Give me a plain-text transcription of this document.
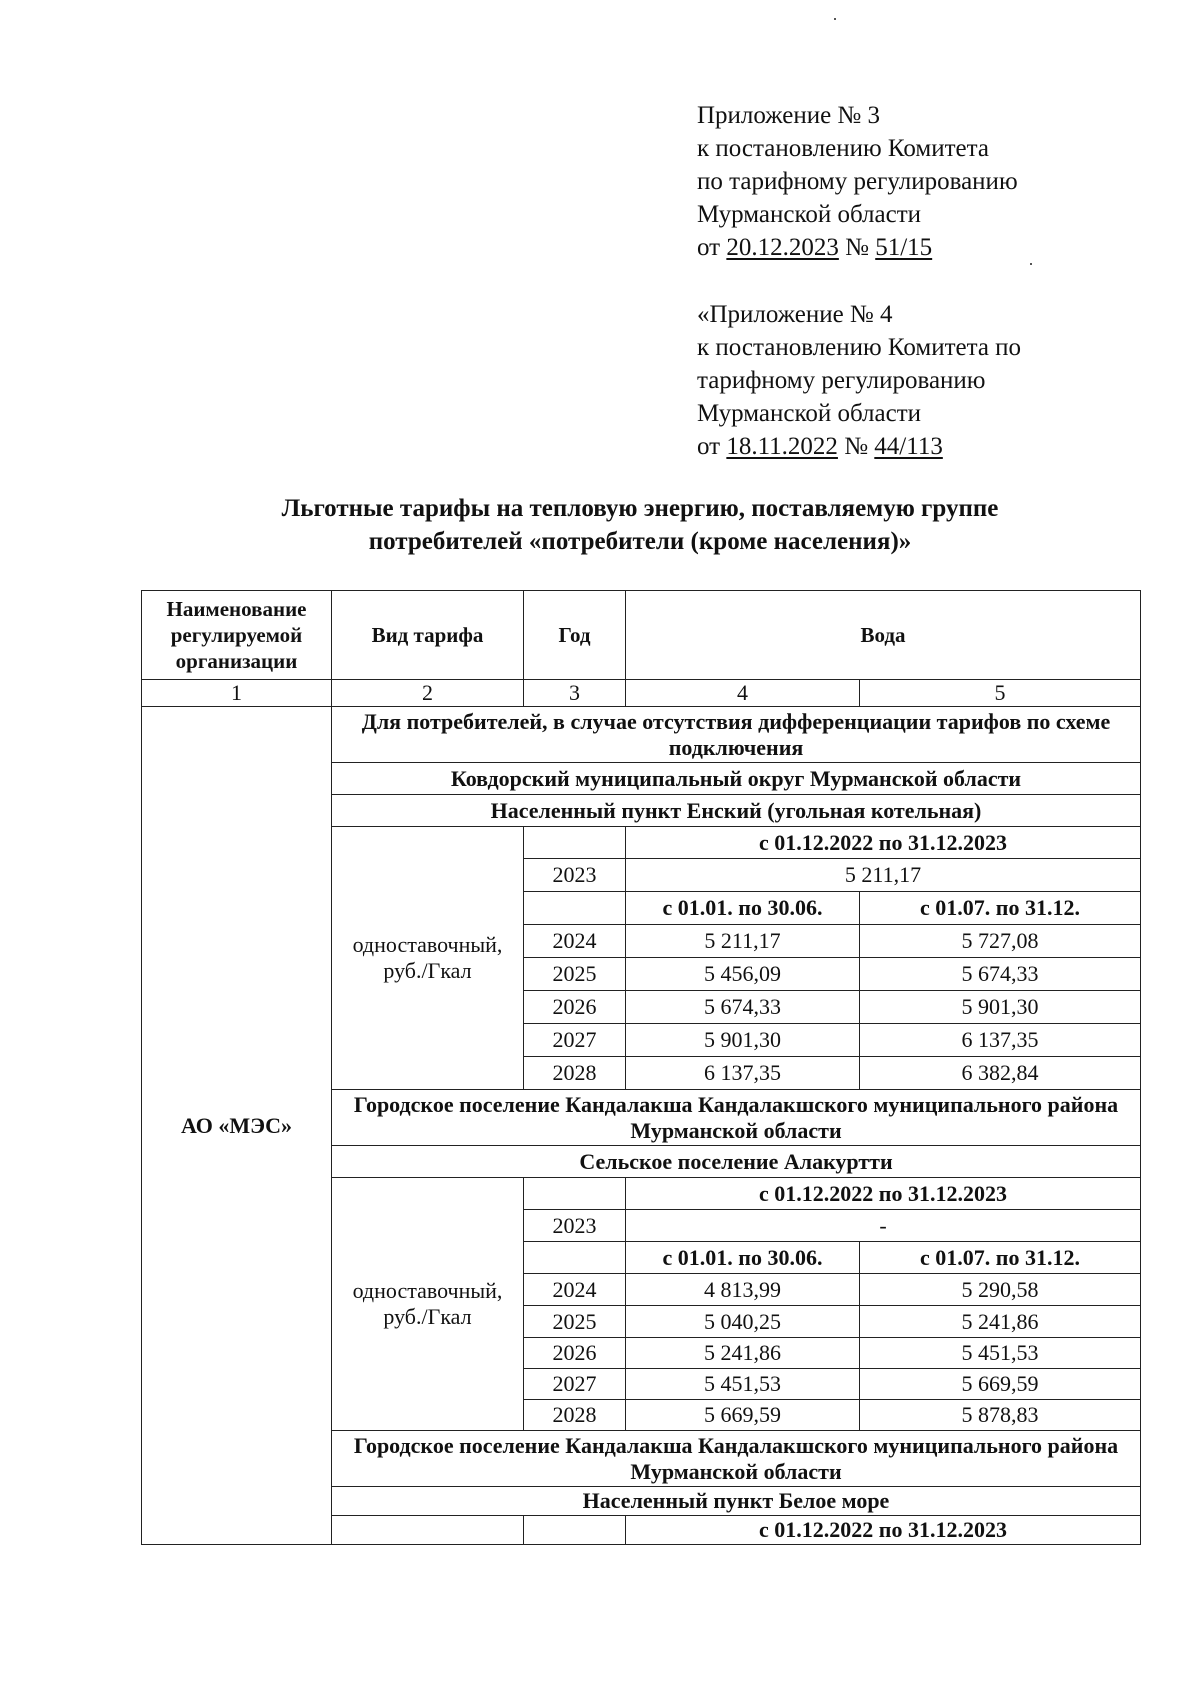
Приложение № 3
к постановлению Комитета
по тарифному регулированию
Мурманской области
от 20.12.2023 № 51/15
«Приложение № 4
к постановлению Комитета по
тарифному регулированию
Мурманской области
от 18.11.2022 № 44/113
Льготные тарифы на тепловую энергию, поставляемую группе
потребителей «потребители (кроме населения)»
Наименование регулируемой организации	Вид тарифа	Год	Вода	
1	2	3	4	5
АО «МЭС»	Для потребителей, в случае отсутствия дифференциации тарифов по схеме подключения			
	Ковдорский муниципальный округ Мурманской области			
	Населенный пункт Енский (угольная котельная)			
	одноставочный, руб./Гкал		с 01.12.2022 по 31.12.2023	
		2023	5 211,17	
			с 01.01. по 30.06.	с 01.07. по 31.12.
		2024	5 211,17	5 727,08
		2025	5 456,09	5 674,33
		2026	5 674,33	5 901,30
		2027	5 901,30	6 137,35
		2028	6 137,35	6 382,84
	Городское поселение Кандалакша Кандалакшского муниципального района Мурманской области			
	Сельское поселение Алакуртти			
	одноставочный, руб./Гкал		с 01.12.2022 по 31.12.2023	
		2023	-	
			с 01.01. по 30.06.	с 01.07. по 31.12.
		2024	4 813,99	5 290,58
		2025	5 040,25	5 241,86
		2026	5 241,86	5 451,53
		2027	5 451,53	5 669,59
		2028	5 669,59	5 878,83
	Городское поселение Кандалакша Кандалакшского муниципального района Мурманской области			
	Населенный пункт Белое море			
			с 01.12.2022 по 31.12.2023	
